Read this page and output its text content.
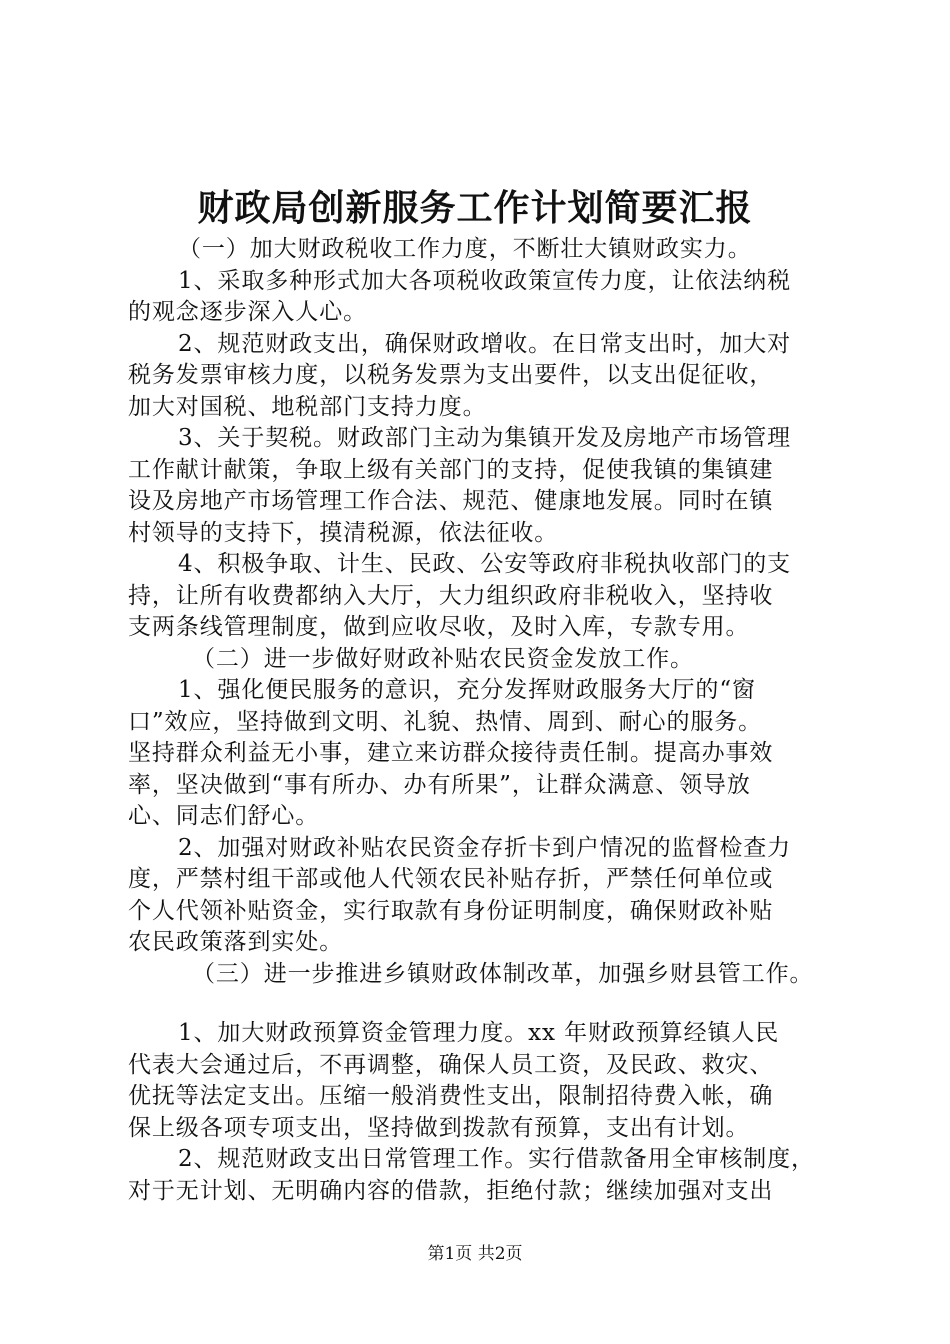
财政局创新服务工作计划简要汇报
（一）加大财政税收工作力度，不断壮大镇财政实力。
1、采取多种形式加大各项税收政策宣传力度，让依法纳税
的观念逐步深入人心。
2、规范财政支出，确保财政增收。在日常支出时，加大对
税务发票审核力度，以税务发票为支出要件，以支出促征收，
加大对国税、地税部门支持力度。
3、关于契税。财政部门主动为集镇开发及房地产市场管理
工作献计献策，争取上级有关部门的支持，促使我镇的集镇建
设及房地产市场管理工作合法、规范、健康地发展。同时在镇
村领导的支持下，摸清税源，依法征收。
4、积极争取、计生、民政、公安等政府非税执收部门的支
持，让所有收费都纳入大厅，大力组织政府非税收入，坚持收
支两条线管理制度，做到应收尽收，及时入库，专款专用。
（二）进一步做好财政补贴农民资金发放工作。
1、强化便民服务的意识，充分发挥财政服务大厅的“窗
口”效应，坚持做到文明、礼貌、热情、周到、耐心的服务。
坚持群众利益无小事，建立来访群众接待责任制。提高办事效
率，坚决做到“事有所办、办有所果”，让群众满意、领导放
心、同志们舒心。
2、加强对财政补贴农民资金存折卡到户情况的监督检查力
度，严禁村组干部或他人代领农民补贴存折，严禁任何单位或
个人代领补贴资金，实行取款有身份证明制度，确保财政补贴
农民政策落到实处。
（三）进一步推进乡镇财政体制改革，加强乡财县管工作。
1、加大财政预算资金管理力度。xx 年财政预算经镇人民
代表大会通过后，不再调整，确保人员工资，及民政、救灾、
优抚等法定支出。压缩一般消费性支出，限制招待费入帐，确
保上级各项专项支出，坚持做到拨款有预算，支出有计划。
2、规范财政支出日常管理工作。实行借款备用全审核制度，
对于无计划、无明确内容的借款，拒绝付款；继续加强对支出
第1页 共2页
